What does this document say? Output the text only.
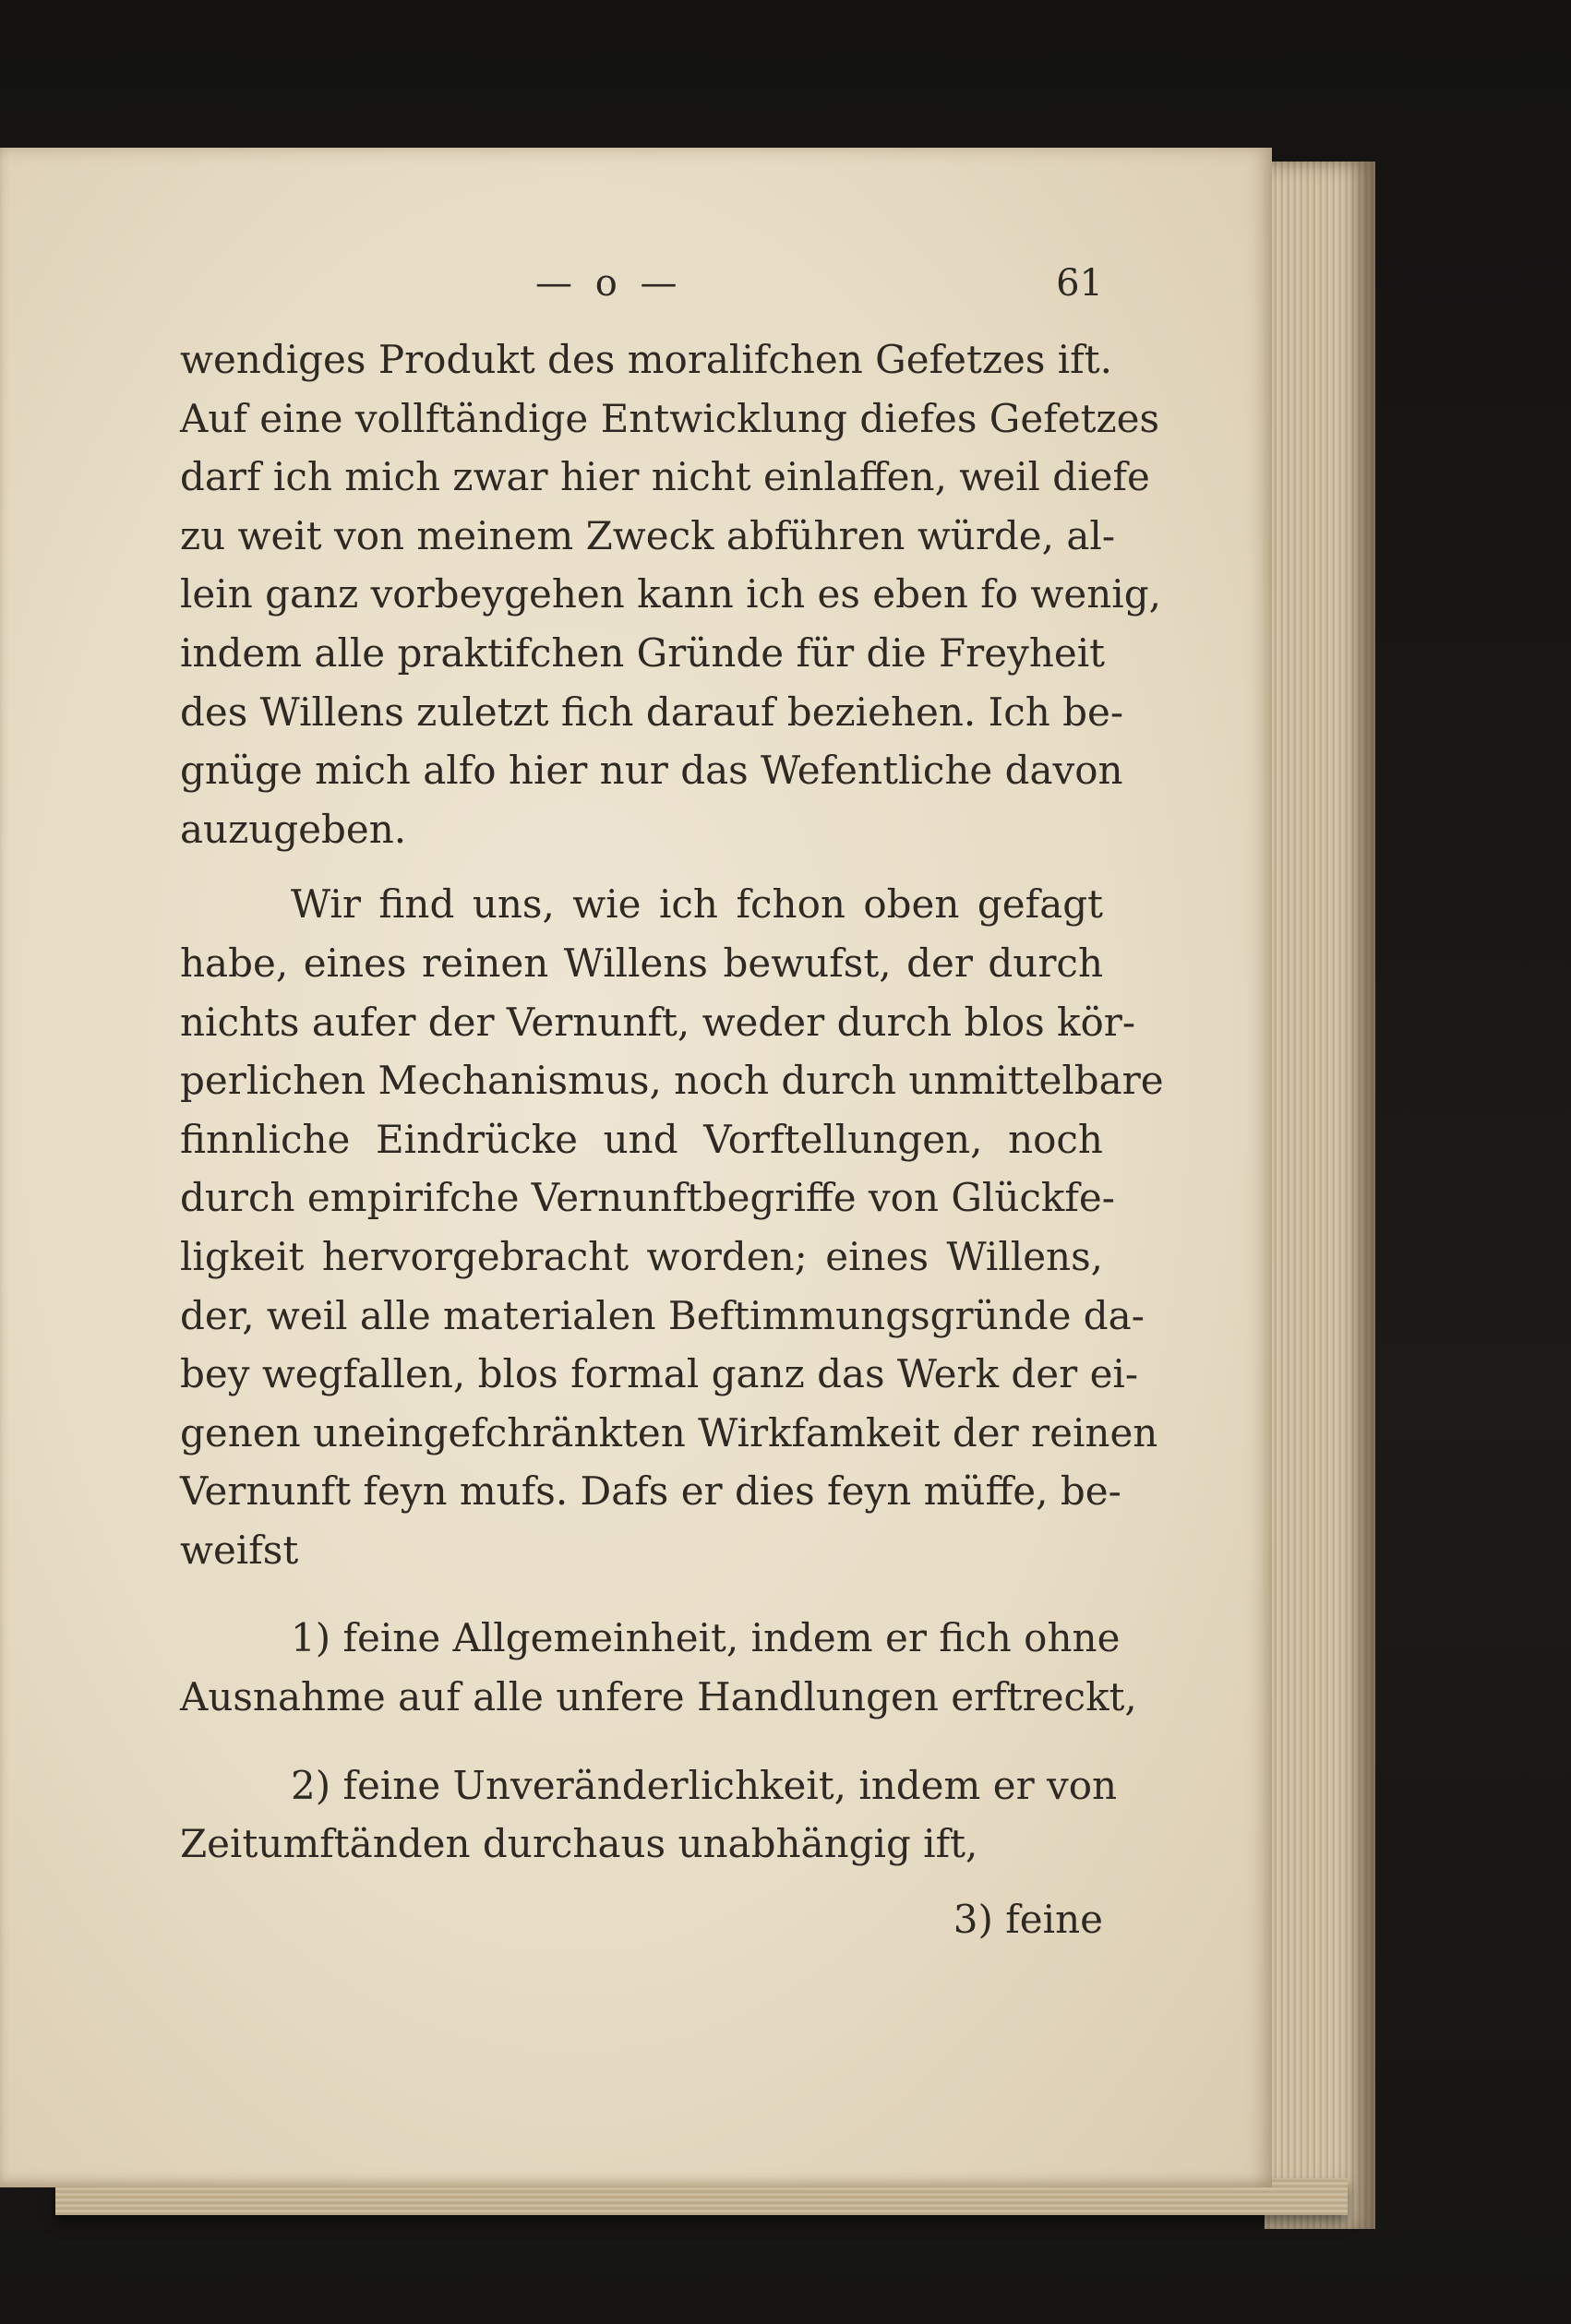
— o —	61
wendiges Produkt des moralifchen Gefetzes ift.
Auf eine vollftändige Entwicklung diefes Gefetzes
darf ich mich zwar hier nicht einlaffen, weil diefe
zu weit von meinem Zweck abführen würde, al-
lein ganz vorbeygehen kann ich es eben fo wenig,
indem alle praktifchen Gründe für die Freyheit
des Willens zuletzt fich darauf beziehen. Ich be-
gnüge mich alfo hier nur das Wefentliche davon
auzugeben.
Wir find uns, wie ich fchon oben gefagt
habe, eines reinen Willens bewufst, der durch
nichts aufer der Vernunft, weder durch blos kör-
perlichen Mechanismus, noch durch unmittelbare
finnliche Eindrücke und Vorftellungen, noch
durch empirifche Vernunftbegriffe von Glückfe-
ligkeit hervorgebracht worden; eines Willens,
der, weil alle materialen Beftimmungsgründe da-
bey wegfallen, blos formal ganz das Werk der ei-
genen uneingefchränkten Wirkfamkeit der reinen
Vernunft feyn mufs. Dafs er dies feyn müffe, be-
weifst
1) feine Allgemeinheit, indem er fich ohne
Ausnahme auf alle unfere Handlungen erftreckt,
2) feine Unveränderlichkeit, indem er von
Zeitumftänden durchaus unabhängig ift,
3) feine
